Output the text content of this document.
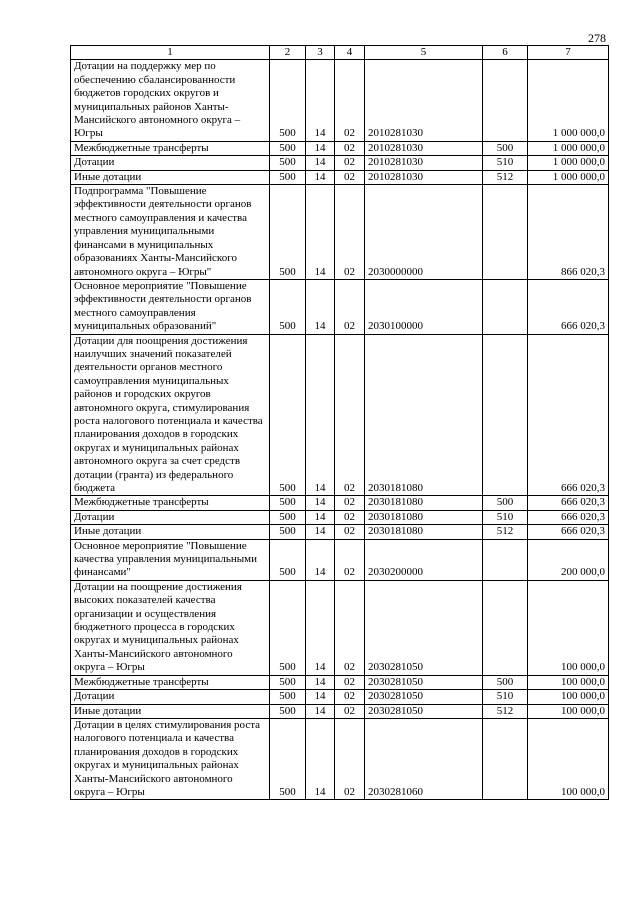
278
1	2	3	4	5	6	7
Дотации на поддержку мер по обеспечению сбалансированности бюджетов городских округов и муниципальных районов Ханты-Мансийского автономного округа – Югры	500	14	02	2010281030		1 000 000,0
Межбюджетные трансферты	500	14	02	2010281030	500	1 000 000,0
Дотации	500	14	02	2010281030	510	1 000 000,0
Иные дотации	500	14	02	2010281030	512	1 000 000,0
Подпрограмма "Повышение эффективности деятельности органов местного самоуправления и качества управления муниципальными финансами в муниципальных образованиях Ханты-Мансийского автономного округа – Югры"	500	14	02	2030000000		866 020,3
Основное мероприятие "Повышение эффективности деятельности органов местного самоуправления муниципальных образований"	500	14	02	2030100000		666 020,3
Дотации для поощрения достижения наилучших значений показателей деятельности органов местного самоуправления муниципальных районов и городских округов автономного округа, стимулирования роста налогового потенциала и качества планирования доходов в городских округах и муниципальных районах автономного округа за счет средств дотации (гранта) из федерального бюджета	500	14	02	2030181080		666 020,3
Межбюджетные трансферты	500	14	02	2030181080	500	666 020,3
Дотации	500	14	02	2030181080	510	666 020,3
Иные дотации	500	14	02	2030181080	512	666 020,3
Основное мероприятие "Повышение качества управления муниципальными финансами"	500	14	02	2030200000		200 000,0
Дотации на поощрение достижения высоких показателей качества организации и осуществления бюджетного процесса в городских округах и муниципальных районах Ханты-Мансийского автономного округа – Югры	500	14	02	2030281050		100 000,0
Межбюджетные трансферты	500	14	02	2030281050	500	100 000,0
Дотации	500	14	02	2030281050	510	100 000,0
Иные дотации	500	14	02	2030281050	512	100 000,0
Дотации в целях стимулирования роста налогового потенциала и качества планирования доходов в городских округах и муниципальных районах Ханты-Мансийского автономного округа – Югры	500	14	02	2030281060		100 000,0
